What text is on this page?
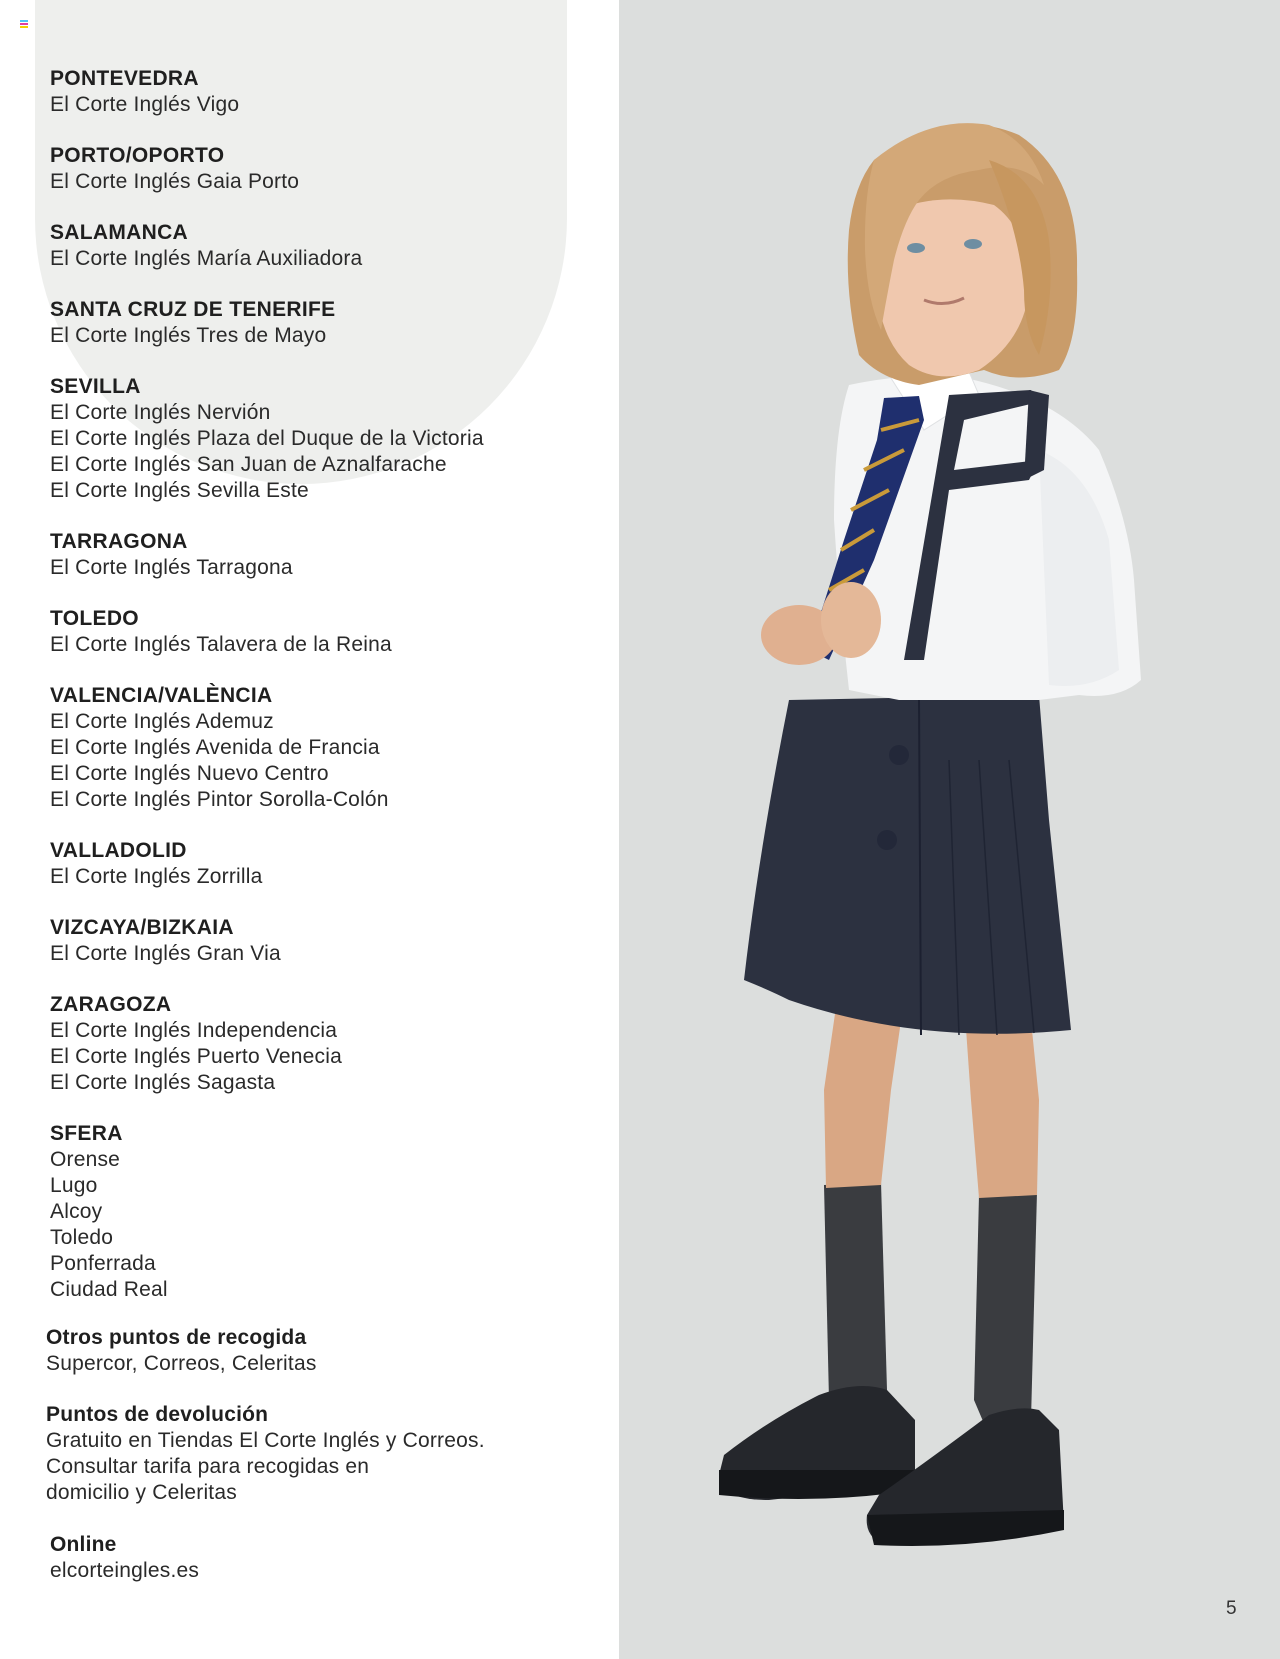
PONTEVEDRA
El Corte Inglés Vigo
PORTO/OPORTO
El Corte Inglés Gaia Porto
SALAMANCA
El Corte Inglés María Auxiliadora
SANTA CRUZ DE TENERIFE
El Corte Inglés Tres de Mayo
SEVILLA
El Corte Inglés Nervión
El Corte Inglés Plaza del Duque de la Victoria
El Corte Inglés San Juan de Aznalfarache
El Corte Inglés Sevilla Este
TARRAGONA
El Corte Inglés Tarragona
TOLEDO
El Corte Inglés Talavera de la Reina
VALENCIA/VALÈNCIA
El Corte Inglés Ademuz
El Corte Inglés Avenida de Francia
El Corte Inglés Nuevo Centro
El Corte Inglés Pintor Sorolla-Colón
VALLADOLID
El Corte Inglés Zorrilla
VIZCAYA/BIZKAIA
El Corte Inglés Gran Via
ZARAGOZA
El Corte Inglés Independencia
El Corte Inglés Puerto Venecia
El Corte Inglés Sagasta
SFERA
Orense
Lugo
Alcoy
Toledo
Ponferrada
Ciudad Real
Otros puntos de recogida
Supercor, Correos, Celeritas
Puntos de devolución
Gratuito en Tiendas El Corte Inglés y Correos.
Consultar tarifa para recogidas en
domicilio y Celeritas
Online
elcorteingles.es
5
